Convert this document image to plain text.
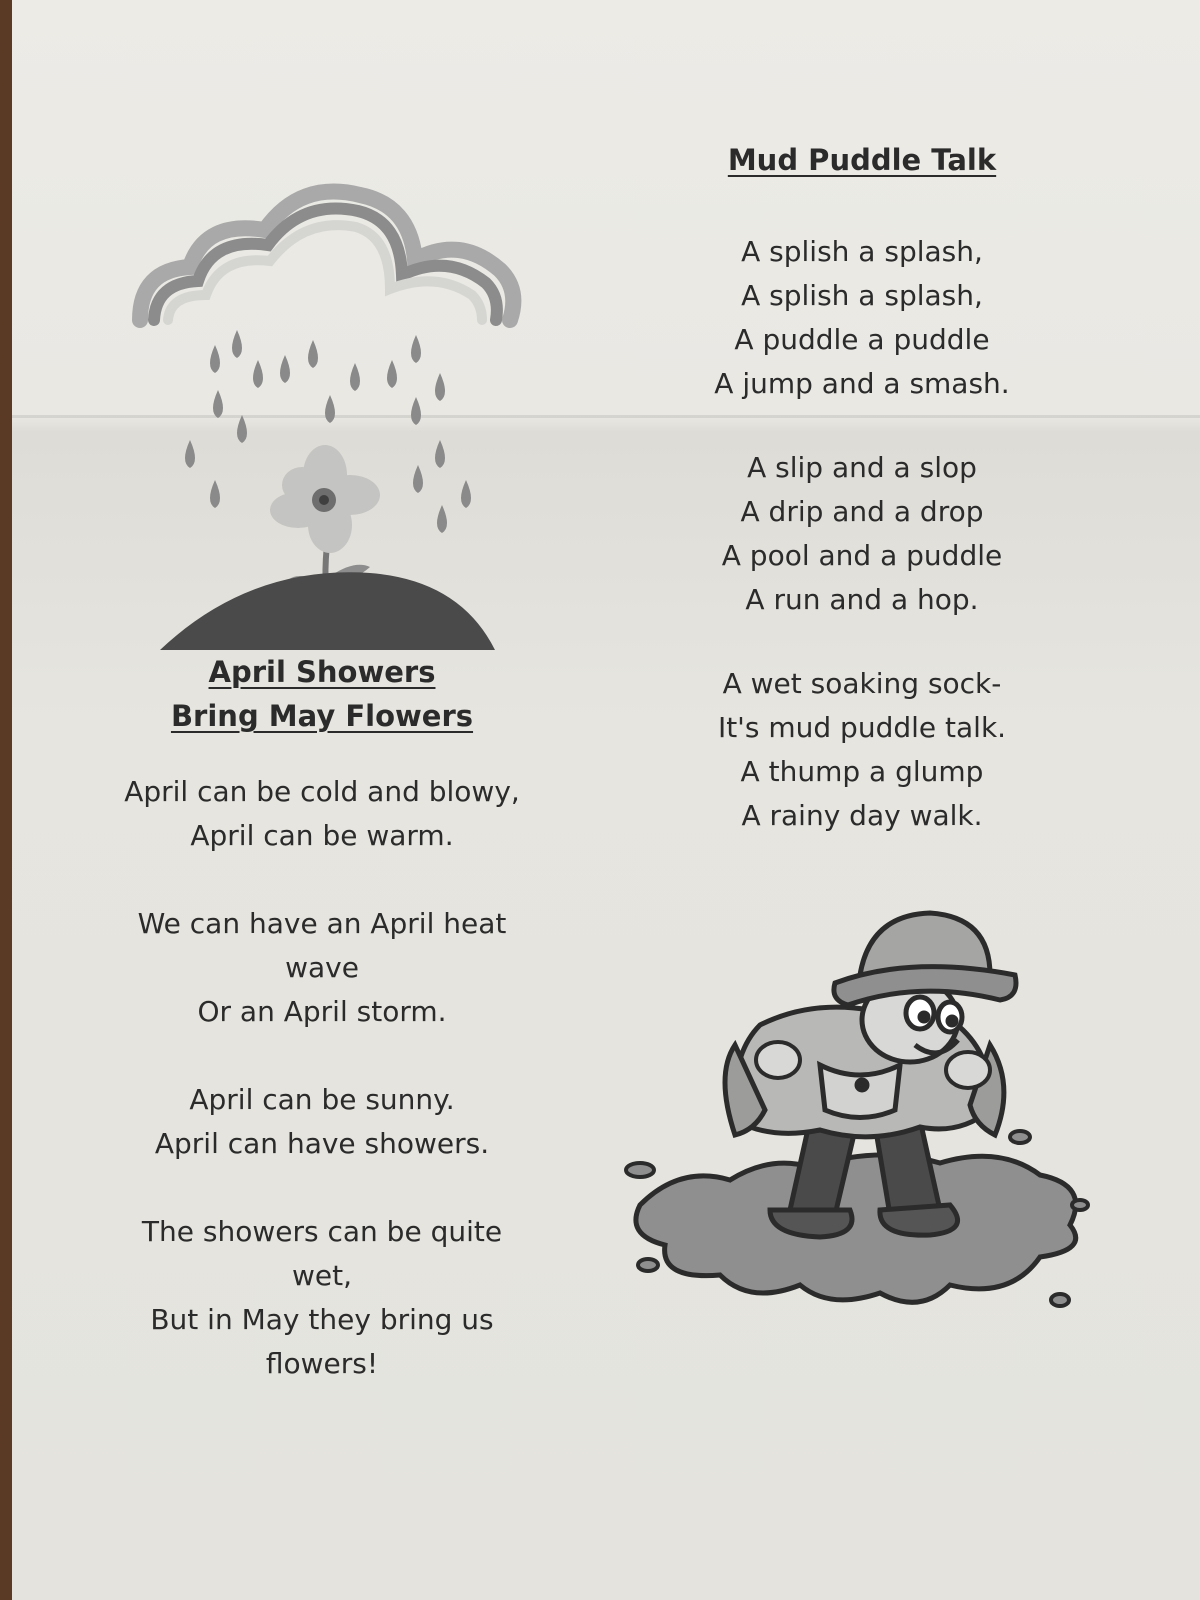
April Showers

Bring May Flowers

April can be cold and blowy,
April can be warm.
We can have an April heat
wave
Or an April storm.
April can be sunny.
April can have showers.
The showers can be quite
wet,
But in May they bring us
flowers!

Mud Puddle Talk

A splish a splash,
A splish a splash,
A puddle a puddle
A jump and a smash.
A slip and a slop
A drip and a drop
A pool and a puddle
A run and a hop.
A wet soaking sock-
It's mud puddle talk.
A thump a glump
A rainy day walk.
